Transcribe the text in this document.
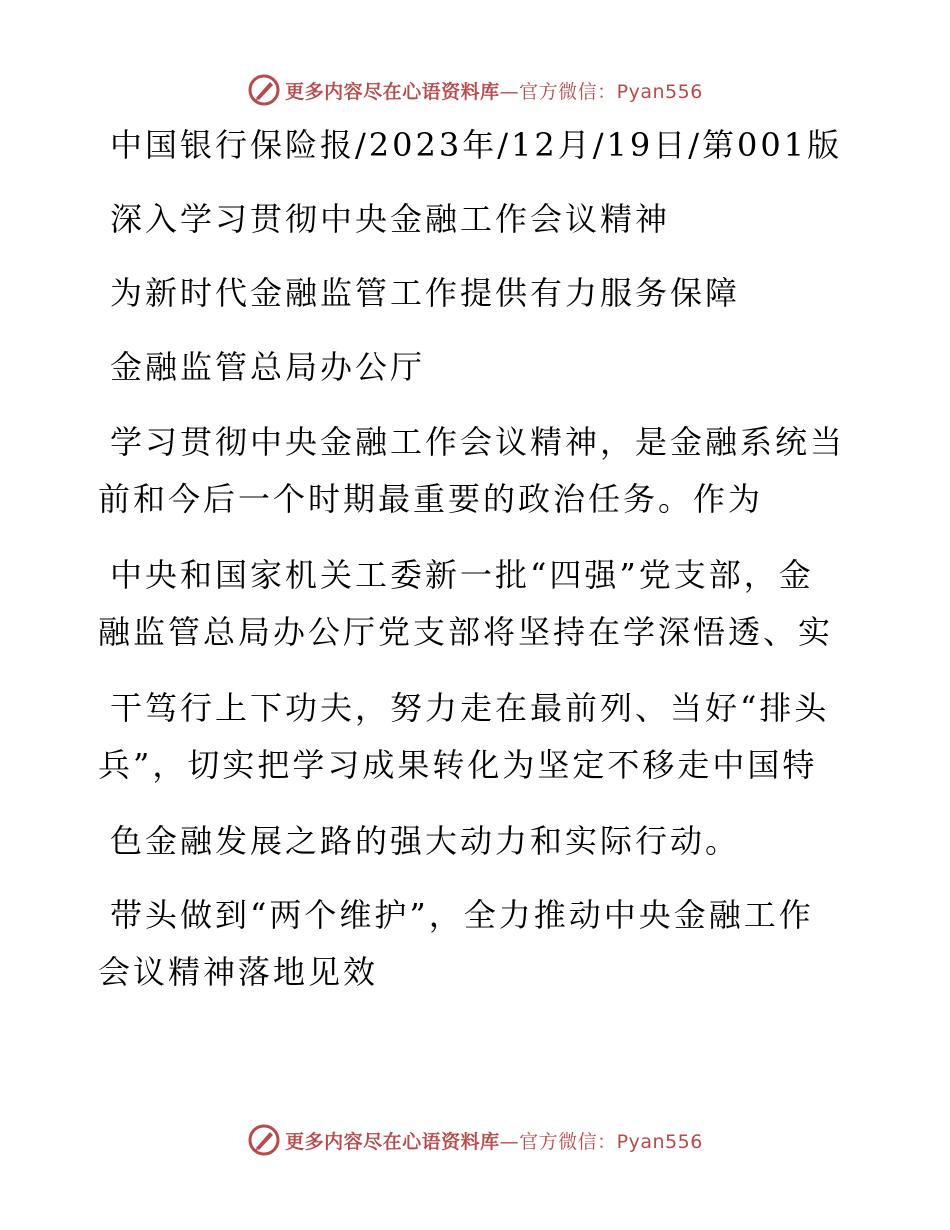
更多内容尽在心语资料库—官方微信：Pyan556
中国银行保险报/2023年/12月/19日/第001版
深入学习贯彻中央金融工作会议精神
为新时代金融监管工作提供有力服务保障
金融监管总局办公厅
学习贯彻中央金融工作会议精神，是金融系统当
前和今后一个时期最重要的政治任务。作为
中央和国家机关工委新一批“四强”党支部，金
融监管总局办公厅党支部将坚持在学深悟透、实
干笃行上下功夫，努力走在最前列、当好“排头
兵”，切实把学习成果转化为坚定不移走中国特
色金融发展之路的强大动力和实际行动。
带头做到“两个维护”，全力推动中央金融工作
会议精神落地见效
更多内容尽在心语资料库—官方微信：Pyan556
